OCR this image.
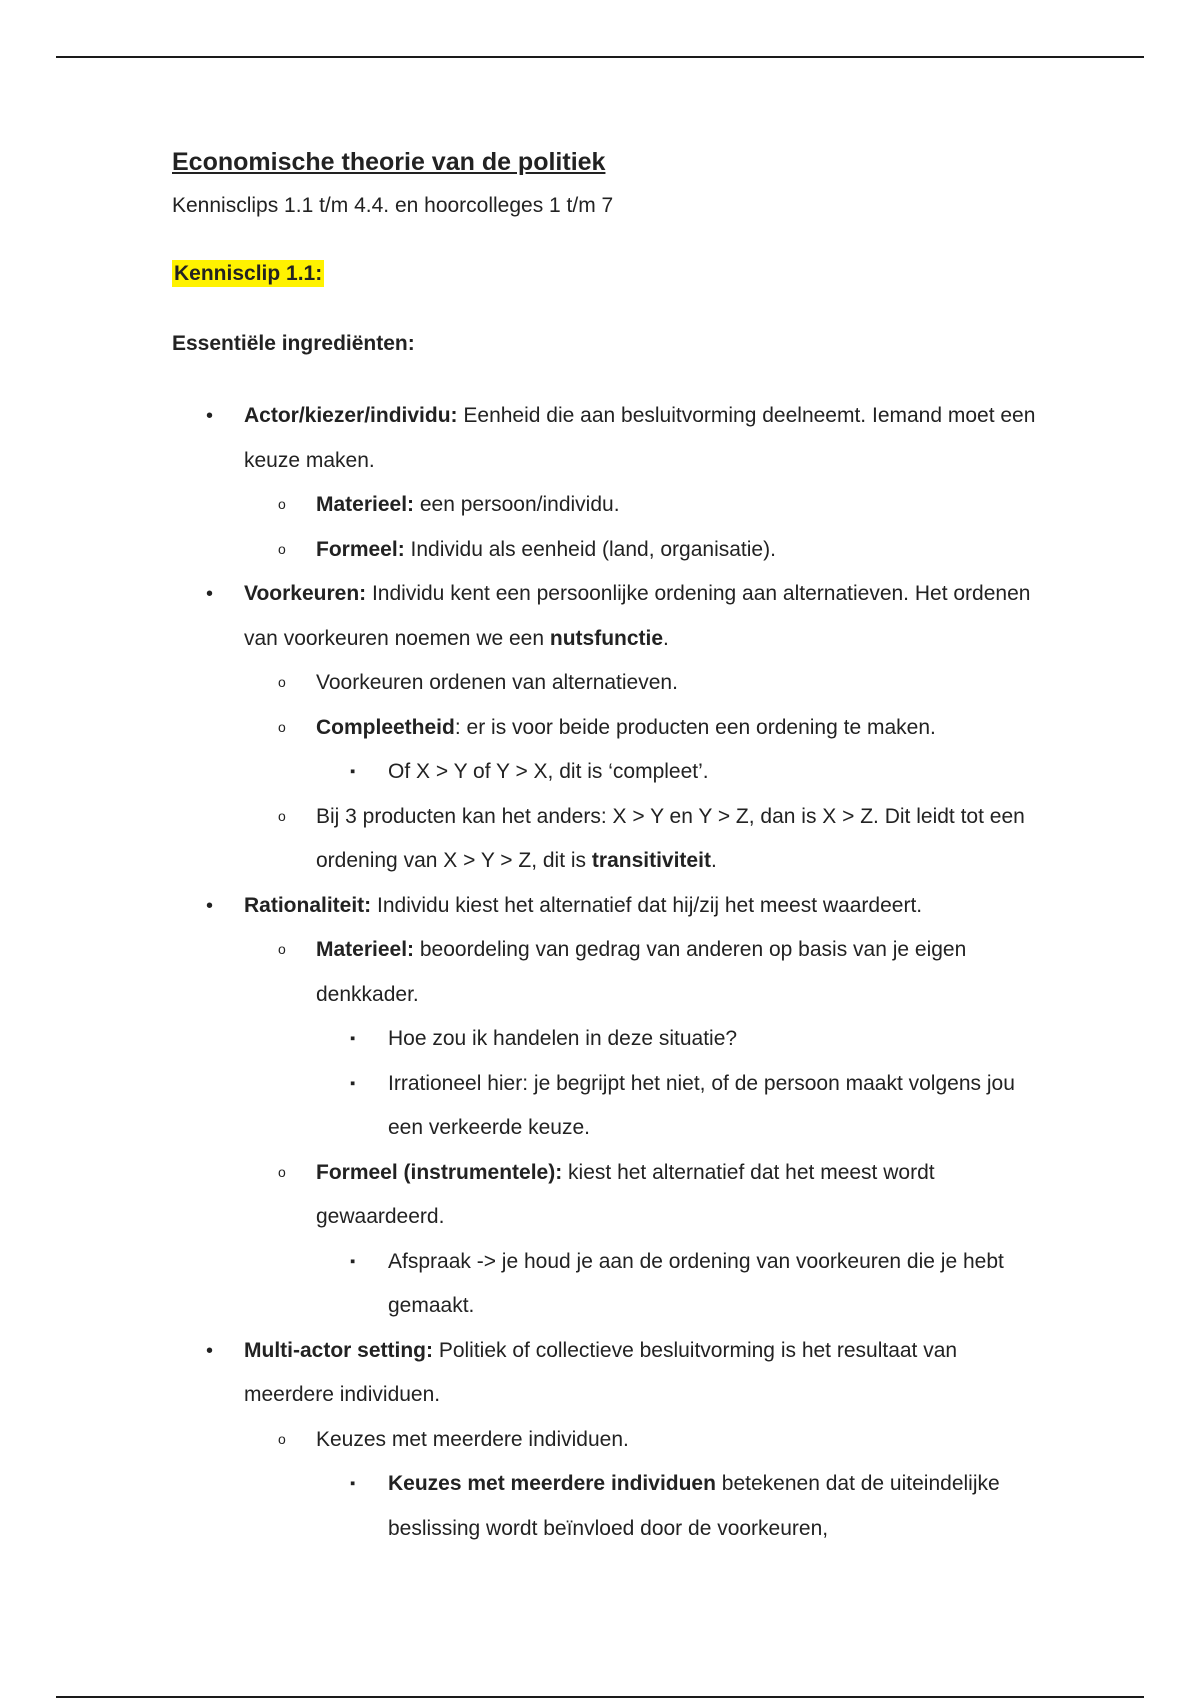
Economische theorie van de politiek

Kennisclips 1.1 t/m 4.4. en hoorcolleges 1 t/m 7

Kennisclip 1.1:

Essentiële ingrediënten:

• Actor/kiezer/individu: Eenheid die aan besluitvorming deelneemt. Iemand moet een keuze maken.
o Materieel: een persoon/individu.
o Formeel: Individu als eenheid (land, organisatie).
• Voorkeuren: Individu kent een persoonlijke ordening aan alternatieven. Het ordenen van voorkeuren noemen we een nutsfunctie.
o Voorkeuren ordenen van alternatieven.
o Compleetheid: er is voor beide producten een ordening te maken.
▪ Of X > Y of Y > X, dit is ‘compleet’.
o Bij 3 producten kan het anders: X > Y en Y > Z, dan is X > Z. Dit leidt tot een ordening van X > Y > Z, dit is transitiviteit.
• Rationaliteit: Individu kiest het alternatief dat hij/zij het meest waardeert.
o Materieel: beoordeling van gedrag van anderen op basis van je eigen denkkader.
▪ Hoe zou ik handelen in deze situatie?
▪ Irrationeel hier: je begrijpt het niet, of de persoon maakt volgens jou een verkeerde keuze.
o Formeel (instrumentele): kiest het alternatief dat het meest wordt gewaardeerd.
▪ Afspraak -> je houd je aan de ordening van voorkeuren die je hebt gemaakt.
• Multi-actor setting: Politiek of collectieve besluitvorming is het resultaat van meerdere individuen.
o Keuzes met meerdere individuen.
▪ Keuzes met meerdere individuen betekenen dat de uiteindelijke beslissing wordt beïnvloed door de voorkeuren,
